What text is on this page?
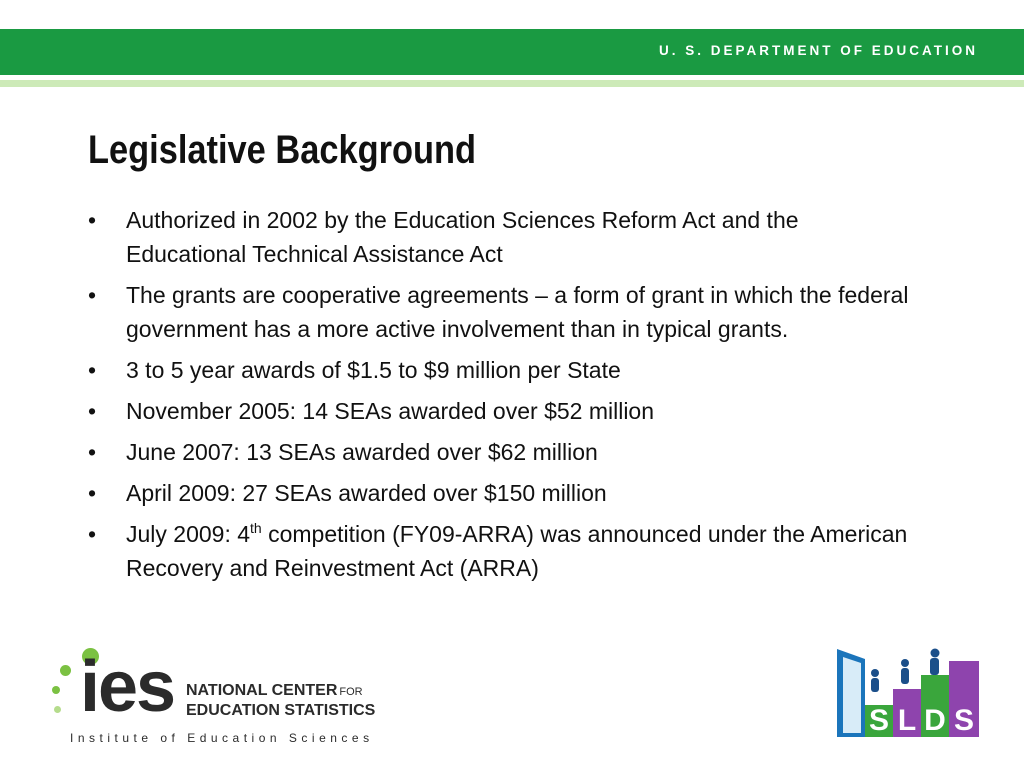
U. S. DEPARTMENT OF EDUCATION
Legislative Background
• Authorized in 2002 by the Education Sciences Reform Act and the Educational Technical Assistance Act
• The grants are cooperative agreements – a form of grant in which the federal government has a more active involvement than in typical grants.
• 3 to 5 year awards of $1.5 to $9 million per State
• November 2005: 14 SEAs awarded over $52 million
• June 2007: 13 SEAs awarded over $62 million
• April 2009: 27 SEAs awarded over $150 million
• July 2009: 4th competition (FY09-ARRA) was announced under the American Recovery and Reinvestment Act (ARRA)
ies NATIONAL CENTER FOR
EDUCATION STATISTICS
Institute of Education Sciences
S L D S
